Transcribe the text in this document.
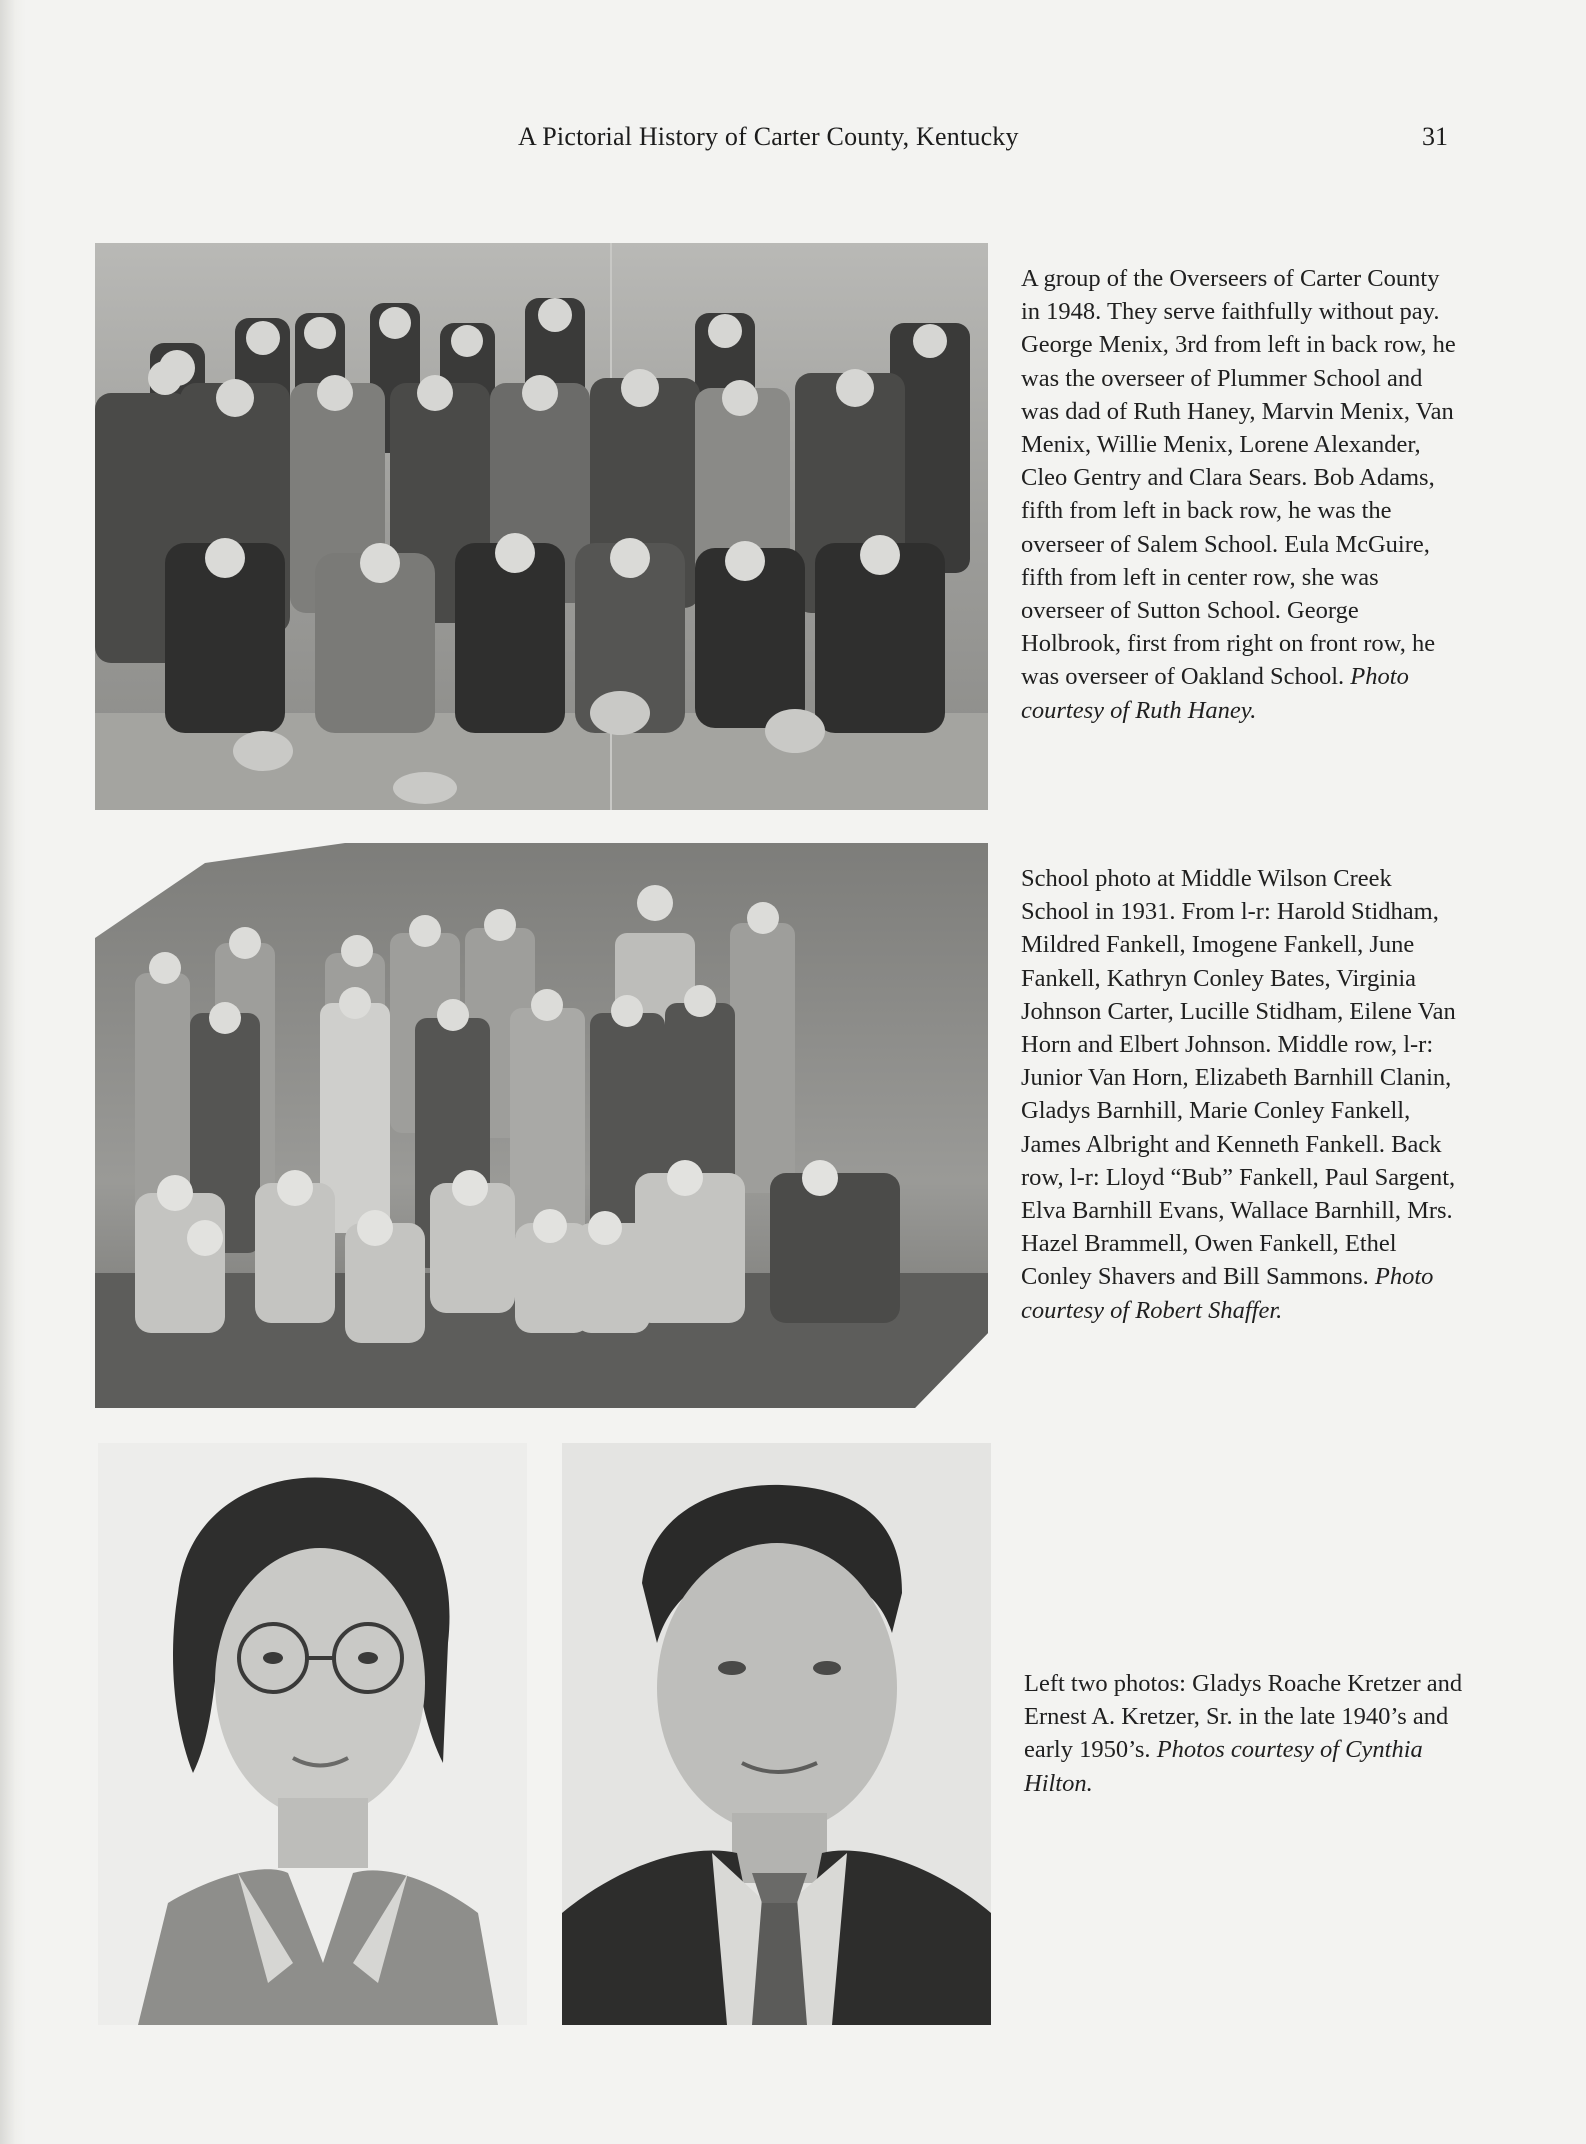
A Pictorial History of Carter County, Kentucky	31
A group of the Overseers of Carter County in 1948. They serve faithfully without pay. George Menix, 3rd from left in back row, he was the overseer of Plummer School and was dad of Ruth Haney, Marvin Menix, Van Menix, Willie Menix, Lorene Alexander, Cleo Gentry and Clara Sears. Bob Adams, fifth from left in back row, he was the overseer of Salem School. Eula McGuire, fifth from left in center row, she was overseer of Sutton School. George Holbrook, first from right on front row, he was overseer of Oakland School. Photo courtesy of Ruth Haney.
School photo at Middle Wilson Creek School in 1931. From l-r: Harold Stidham, Mildred Fankell, Imogene Fankell, June Fankell, Kathryn Conley Bates, Virginia Johnson Carter, Lucille Stidham, Eilene Van Horn and Elbert Johnson. Middle row, l-r: Junior Van Horn, Elizabeth Barnhill Clanin, Gladys Barnhill, Marie Conley Fankell, James Albright and Kenneth Fankell. Back row, l-r: Lloyd “Bub” Fankell, Paul Sargent, Elva Barnhill Evans, Wallace Barnhill, Mrs. Hazel Brammell, Owen Fankell, Ethel Conley Shavers and Bill Sammons. Photo courtesy of Robert Shaffer.
Left two photos: Gladys Roache Kretzer and Ernest A. Kretzer, Sr. in the late 1940’s and early 1950’s. Photos courtesy of Cynthia Hilton.
